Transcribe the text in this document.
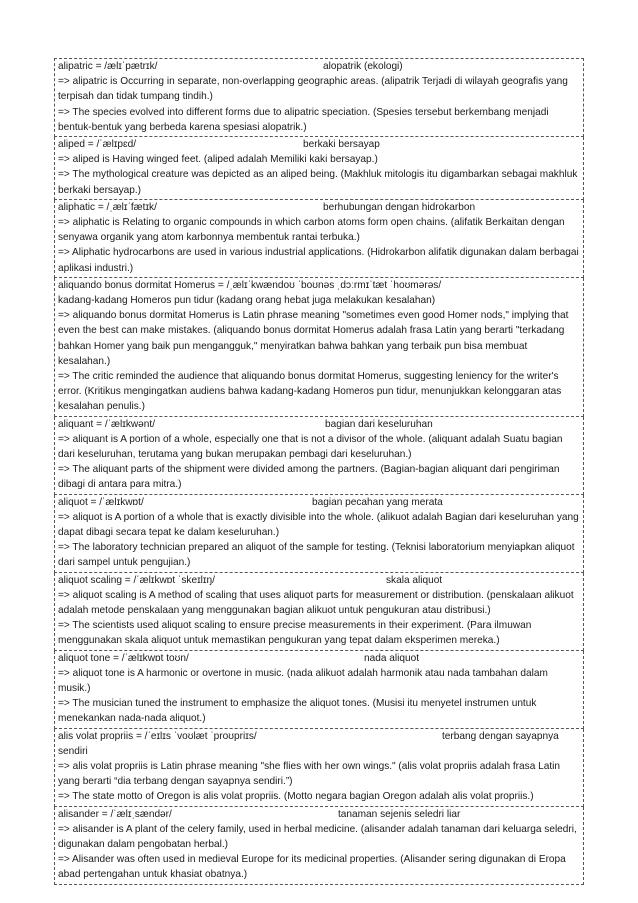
alipatric = /ælɪˈpætrɪk/	alopatrik (ekologi)
=> alipatric is Occurring in separate, non-overlapping geographic areas. (alipatrik Terjadi di wilayah geografis yang terpisah dan tidak tumpang tindih.)
=> The species evolved into different forms due to alipatric speciation. (Spesies tersebut berkembang menjadi bentuk-bentuk yang berbeda karena spesiasi alopatrik.)
aliped = /ˈælɪpɛd/	berkaki bersayap
=> aliped is Having winged feet. (aliped adalah Memiliki kaki bersayap.)
=> The mythological creature was depicted as an aliped being. (Makhluk mitologis itu digambarkan sebagai makhluk berkaki bersayap.)
aliphatic = /ˌælɪˈfætɪk/	berhubungan dengan hidrokarbon
=> aliphatic is Relating to organic compounds in which carbon atoms form open chains. (alifatik Berkaitan dengan senyawa organik yang atom karbonnya membentuk rantai terbuka.)
=> Aliphatic hydrocarbons are used in various industrial applications. (Hidrokarbon alifatik digunakan dalam berbagai aplikasi industri.)
aliquando bonus dormitat Homerus = /ˌælɪˈkwændoʊ ˈboʊnəs ˌdɔːrmɪˈtæt ˈhoʊmərəs/
kadang-kadang Homeros pun tidur (kadang orang hebat juga melakukan kesalahan)
=> aliquando bonus dormitat Homerus is Latin phrase meaning "sometimes even good Homer nods," implying that even the best can make mistakes. (aliquando bonus dormitat Homerus adalah frasa Latin yang berarti "terkadang bahkan Homer yang baik pun mengangguk," menyiratkan bahwa bahkan yang terbaik pun bisa membuat kesalahan.)
=> The critic reminded the audience that aliquando bonus dormitat Homerus, suggesting leniency for the writer's error. (Kritikus mengingatkan audiens bahwa kadang-kadang Homeros pun tidur, menunjukkan kelonggaran atas kesalahan penulis.)
aliquant = /ˈælɪkwənt/	bagian dari keseluruhan
=> aliquant is A portion of a whole, especially one that is not a divisor of the whole. (aliquant adalah Suatu bagian dari keseluruhan, terutama yang bukan merupakan pembagi dari keseluruhan.)
=> The aliquant parts of the shipment were divided among the partners. (Bagian-bagian aliquant dari pengiriman dibagi di antara para mitra.)
aliquot = /ˈælɪkwɒt/	bagian pecahan yang merata
=> aliquot is A portion of a whole that is exactly divisible into the whole. (alikuot adalah Bagian dari keseluruhan yang dapat dibagi secara tepat ke dalam keseluruhan.)
=> The laboratory technician prepared an aliquot of the sample for testing. (Teknisi laboratorium menyiapkan aliquot dari sampel untuk pengujian.)
aliquot scaling = /ˈælɪkwɒt ˈskeɪlɪŋ/	skala aliquot
=> aliquot scaling is A method of scaling that uses aliquot parts for measurement or distribution. (penskalaan alikuot adalah metode penskalaan yang menggunakan bagian alikuot untuk pengukuran atau distribusi.)
=> The scientists used aliquot scaling to ensure precise measurements in their experiment. (Para ilmuwan menggunakan skala aliquot untuk memastikan pengukuran yang tepat dalam eksperimen mereka.)
aliquot tone = /ˈælɪkwɒt toʊn/	nada aliquot
=> aliquot tone is A harmonic or overtone in music. (nada alikuot adalah harmonik atau nada tambahan dalam musik.)
=> The musician tuned the instrument to emphasize the aliquot tones. (Musisi itu menyetel instrumen untuk menekankan nada-nada aliquot.)
alis volat propriis = /ˈeɪlɪs ˈvoʊlæt ˈproʊpriɪs/	terbang dengan sayapnya sendiri
=> alis volat propriis is Latin phrase meaning "she flies with her own wings." (alis volat propriis adalah frasa Latin yang berarti “dia terbang dengan sayapnya sendiri.”)
=> The state motto of Oregon is alis volat propriis. (Motto negara bagian Oregon adalah alis volat propriis.)
alisander = /ˈælɪˌsændər/	tanaman sejenis seledri liar
=> alisander is A plant of the celery family, used in herbal medicine. (alisander adalah tanaman dari keluarga seledri, digunakan dalam pengobatan herbal.)
=> Alisander was often used in medieval Europe for its medicinal properties. (Alisander sering digunakan di Eropa abad pertengahan untuk khasiat obatnya.)
